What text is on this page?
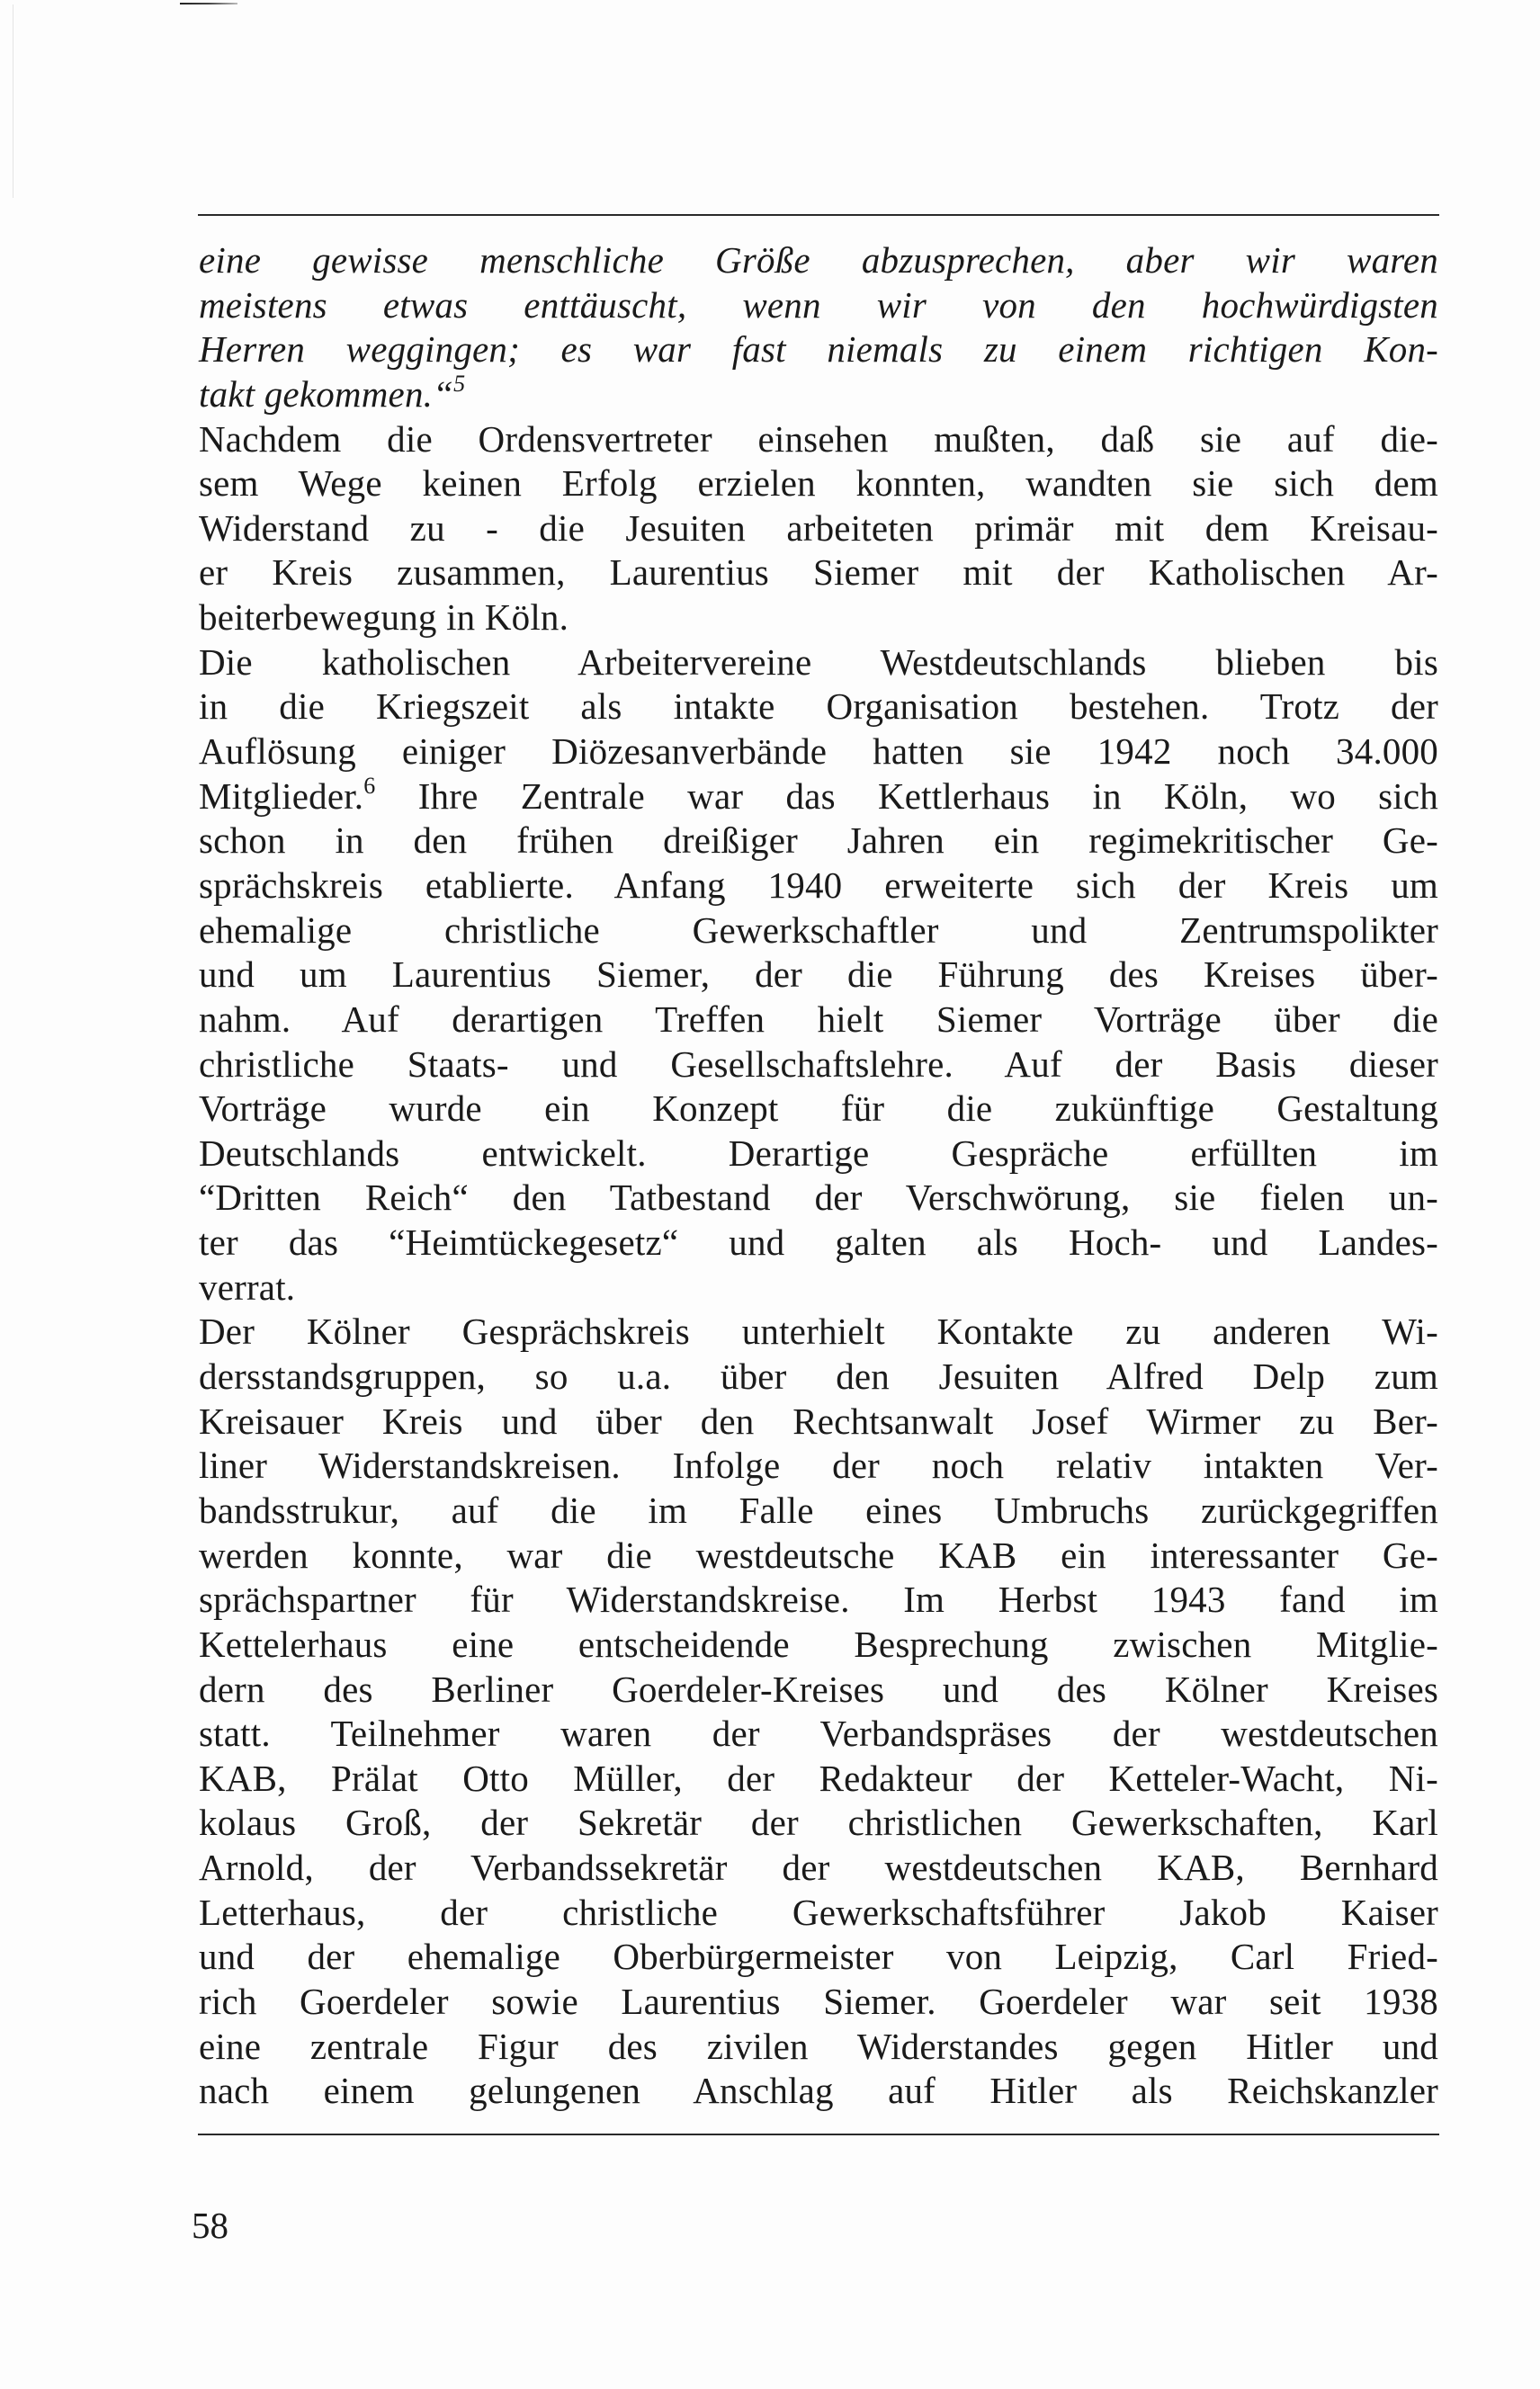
eine gewisse menschliche Größe abzusprechen, aber wir waren
meistens etwas enttäuscht, wenn wir von den hochwürdigsten
Herren weggingen; es war fast niemals zu einem richtigen Kon-
takt gekommen.“$^5$
Nachdem die Ordensvertreter einsehen mußten, daß sie auf die-
sem Wege keinen Erfolg erzielen konnten, wandten sie sich dem
Widerstand zu - die Jesuiten arbeiteten primär mit dem Kreisau-
er Kreis zusammen, Laurentius Siemer mit der Katholischen Ar-
beiterbewegung in Köln.
Die katholischen Arbeitervereine Westdeutschlands blieben bis
in die Kriegszeit als intakte Organisation bestehen. Trotz der
Auflösung einiger Diözesanverbände hatten sie 1942 noch 34.000
Mitglieder.$^6$ Ihre Zentrale war das Kettlerhaus in Köln, wo sich
schon in den frühen dreißiger Jahren ein regimekritischer Ge-
sprächskreis etablierte. Anfang 1940 erweiterte sich der Kreis um
ehemalige christliche Gewerkschaftler und Zentrumspolikter
und um Laurentius Siemer, der die Führung des Kreises über-
nahm. Auf derartigen Treffen hielt Siemer Vorträge über die
christliche Staats- und Gesellschaftslehre. Auf der Basis dieser
Vorträge wurde ein Konzept für die zukünftige Gestaltung
Deutschlands entwickelt. Derartige Gespräche erfüllten im
“Dritten Reich“ den Tatbestand der Verschwörung, sie fielen un-
ter das “Heimtückegesetz“ und galten als Hoch- und Landes-
verrat.
Der Kölner Gesprächskreis unterhielt Kontakte zu anderen Wi-
dersstandsgruppen, so u.a. über den Jesuiten Alfred Delp zum
Kreisauer Kreis und über den Rechtsanwalt Josef Wirmer zu Ber-
liner Widerstandskreisen. Infolge der noch relativ intakten Ver-
bandsstrukur, auf die im Falle eines Umbruchs zurückgegriffen
werden konnte, war die westdeutsche KAB ein interessanter Ge-
sprächspartner für Widerstandskreise. Im Herbst 1943 fand im
Kettelerhaus eine entscheidende Besprechung zwischen Mitglie-
dern des Berliner Goerdeler-Kreises und des Kölner Kreises
statt. Teilnehmer waren der Verbandspräses der westdeutschen
KAB, Prälat Otto Müller, der Redakteur der Ketteler-Wacht, Ni-
kolaus Groß, der Sekretär der christlichen Gewerkschaften, Karl
Arnold, der Verbandssekretär der westdeutschen KAB, Bernhard
Letterhaus, der christliche Gewerkschaftsführer Jakob Kaiser
und der ehemalige Oberbürgermeister von Leipzig, Carl Fried-
rich Goerdeler sowie Laurentius Siemer. Goerdeler war seit 1938
eine zentrale Figur des zivilen Widerstandes gegen Hitler und
nach einem gelungenen Anschlag auf Hitler als Reichskanzler
58
